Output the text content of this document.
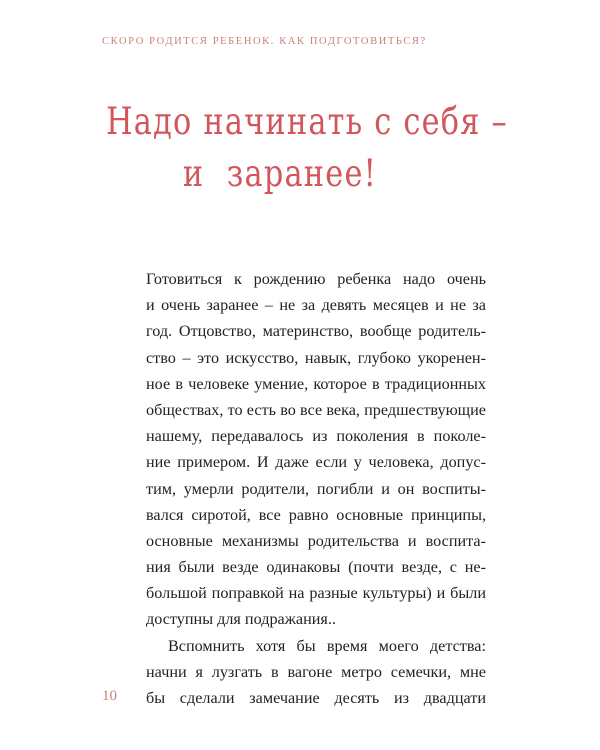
СКОРО РОДИТСЯ РЕБЕНОК. КАК ПОДГОТОВИТЬСЯ?
Надо начинать с себя –
и заранее!
Готовиться к рождению ребенка надо очень
и очень заранее – не за девять месяцев и не за
год. Отцовство, материнство, вообще родитель-
ство – это искусство, навык, глубоко укоренен-
ное в человеке умение, которое в традиционных
обществах, то есть во все века, предшествующие
нашему, передавалось из поколения в поколе-
ние примером. И даже если у человека, допус-
тим, умерли родители, погибли и он воспиты-
вался сиротой, все равно основные принципы,
основные механизмы родительства и воспита-
ния были везде одинаковы (почти везде, с не-
большой поправкой на разные культуры) и были
доступны для подражания..
Вспомнить хотя бы время моего детства:
начни я лузгать в вагоне метро семечки, мне
бы сделали замечание десять из двадцати
10
